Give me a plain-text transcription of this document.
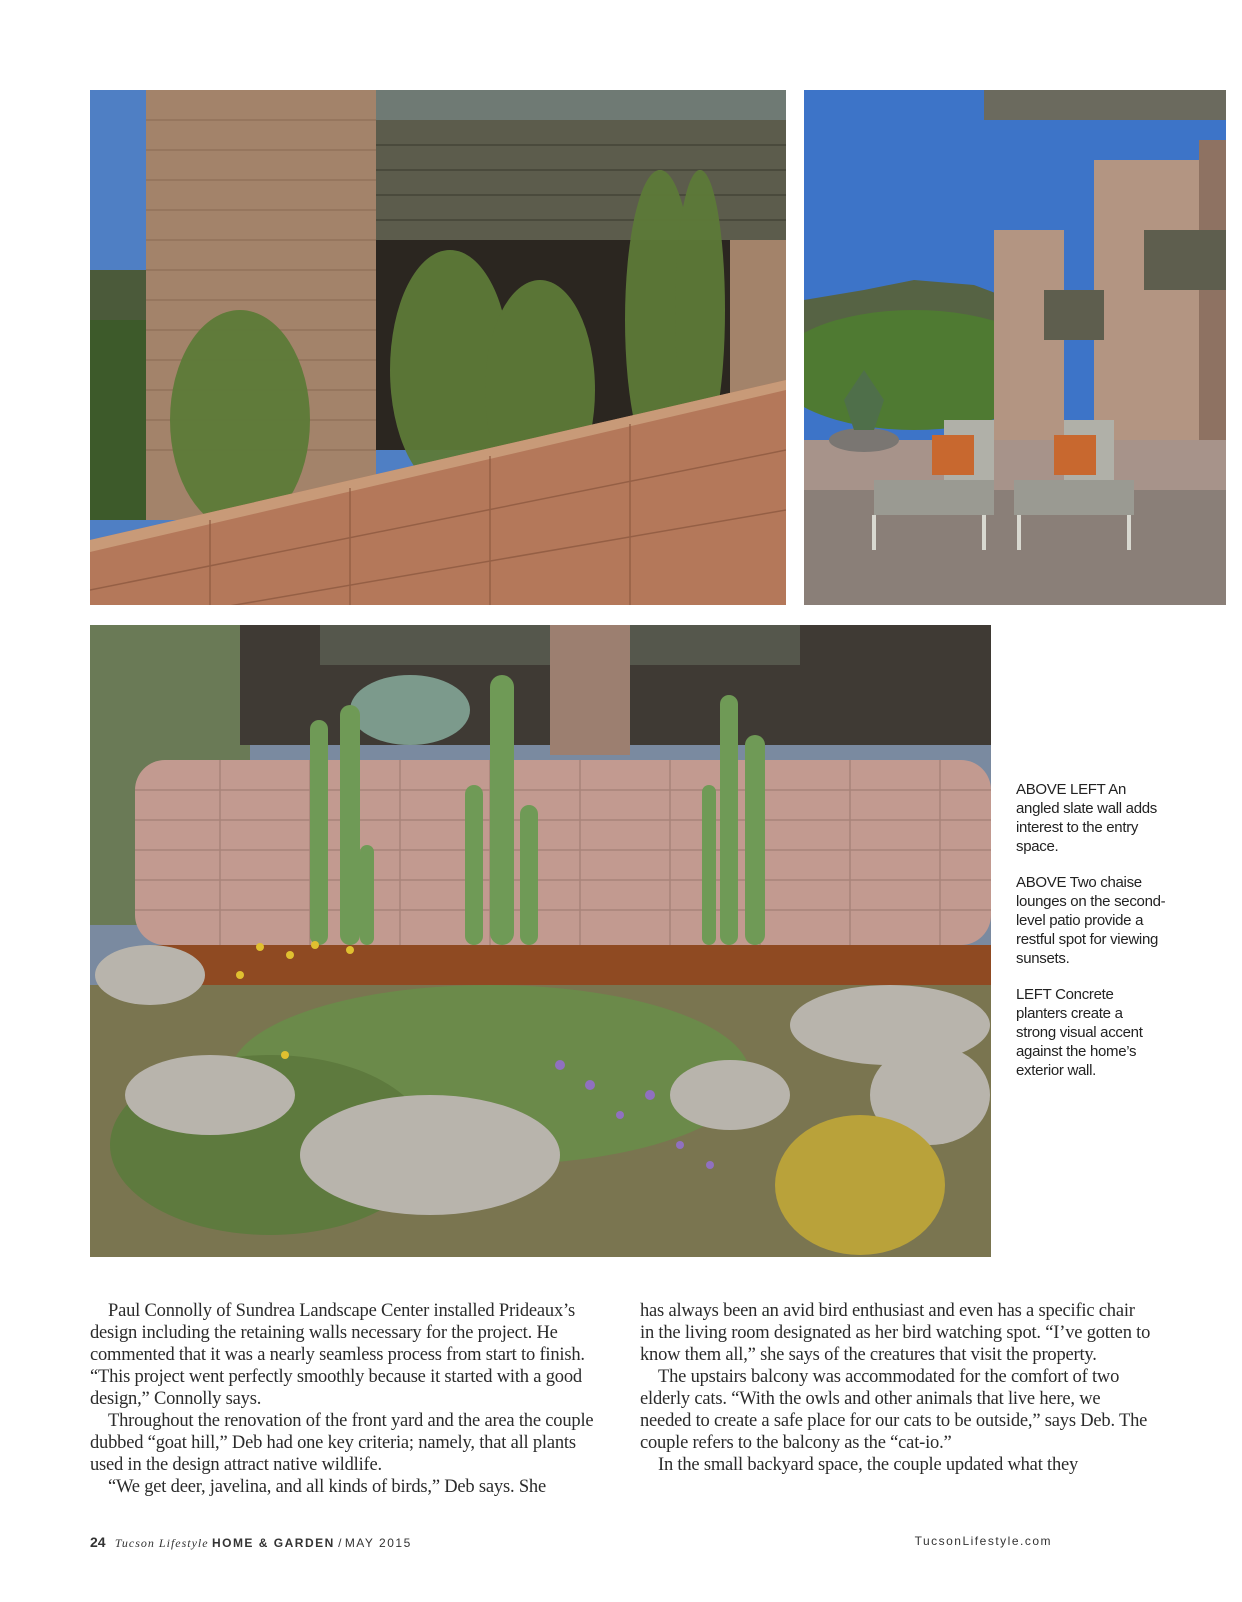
ABOVE LEFT An angled slate wall adds interest to the entry space.

ABOVE Two chaise lounges on the second-level patio provide a restful spot for viewing sunsets.

LEFT Concrete planters create a strong visual accent against the home’s exterior wall.

Paul Connolly of Sundrea Landscape Center installed Prideaux’s design including the retaining walls necessary for the project. He commented that it was a nearly seamless process from start to finish. “This project went perfectly smoothly because it started with a good design,” Connolly says.

Throughout the renovation of the front yard and the area the couple dubbed “goat hill,” Deb had one key criteria; namely, that all plants used in the design attract native wildlife.

“We get deer, javelina, and all kinds of birds,” Deb says. She

has always been an avid bird enthusiast and even has a specific chair in the living room designated as her bird watching spot. “I’ve gotten to know them all,” she says of the creatures that visit the property.

The upstairs balcony was accommodated for the comfort of two elderly cats. “With the owls and other animals that live here, we needed to create a safe place for our cats to be outside,” says Deb. The couple refers to the balcony as the “cat-io.”

In the small backyard space, the couple updated what they

24 Tucson Lifestyle HOME & GARDEN / MAY 2015	TucsonLifestyle.com
